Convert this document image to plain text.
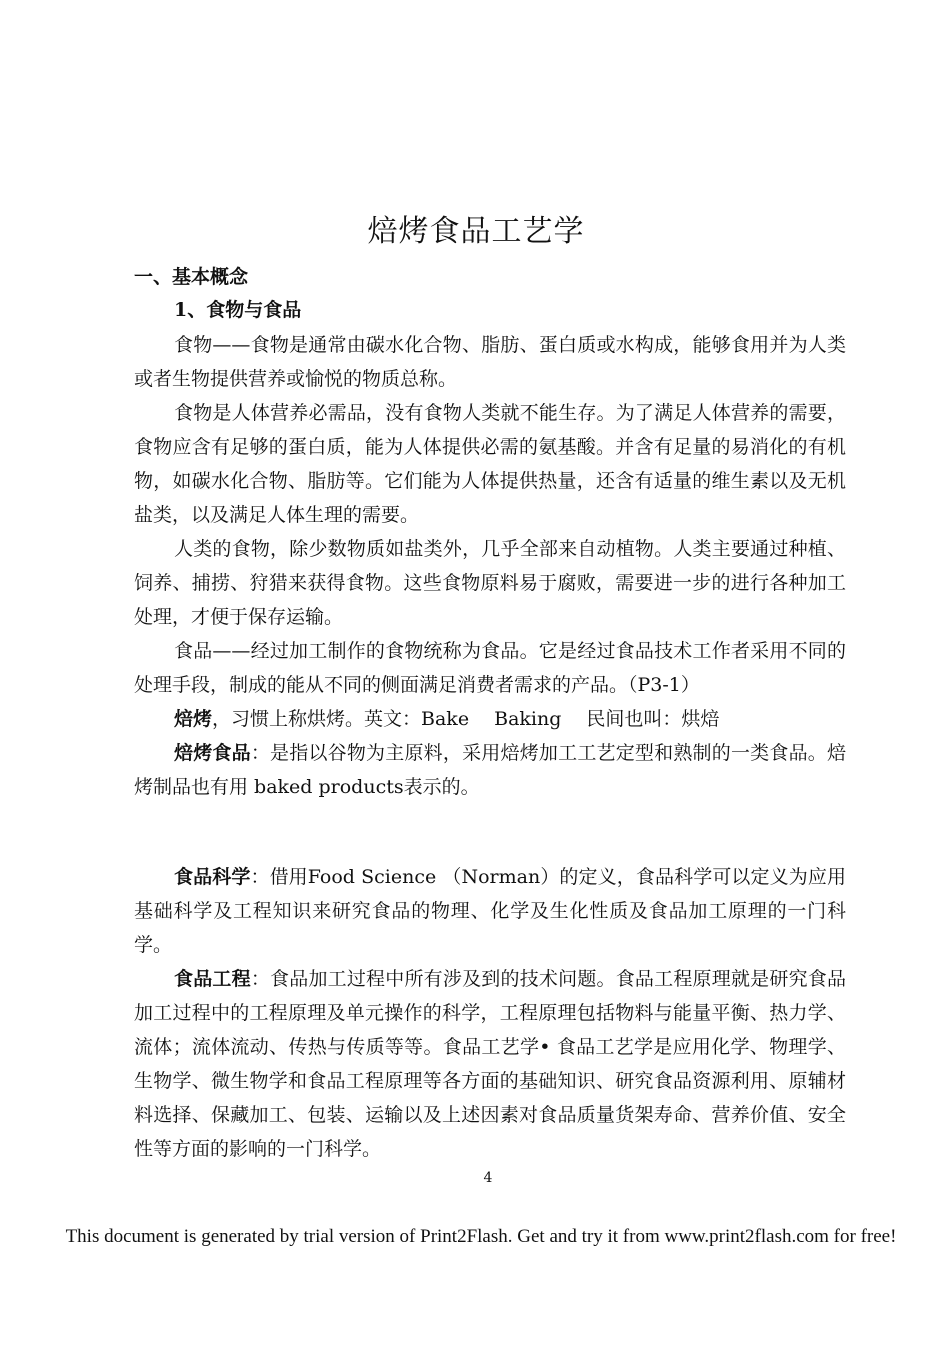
焙烤食品工艺学
一、基本概念
1、食物与食品

食物——食物是通常由碳水化合物、脂肪、蛋白质或水构成，能够食用并为人类或者生物提供营养或愉悦的物质总称。

食物是人体营养必需品，没有食物人类就不能生存。为了满足人体营养的需要，食物应含有足够的蛋白质，能为人体提供必需的氨基酸。并含有足量的易消化的有机物，如碳水化合物、脂肪等。它们能为人体提供热量，还含有适量的维生素以及无机盐类，以及满足人体生理的需要。

人类的食物，除少数物质如盐类外，几乎全部来自动植物。人类主要通过种植、饲养、捕捞、狩猎来获得食物。这些食物原料易于腐败，需要进一步的进行各种加工处理，才便于保存运输。

食品——经过加工制作的食物统称为食品。它是经过食品技术工作者采用不同的处理手段，制成的能从不同的侧面满足消费者需求的产品。（P3-1）

焙烤，习惯上称烘烤。英文：Bake　 Baking　 民间也叫：烘焙

焙烤食品：是指以谷物为主原料，采用焙烤加工工艺定型和熟制的一类食品。焙烤制品也有用 baked products表示的。

食品科学：借用Food Science （Norman）的定义，食品科学可以定义为应用基础科学及工程知识来研究食品的物理、化学及生化性质及食品加工原理的一门科学。

食品工程：食品加工过程中所有涉及到的技术问题。食品工程原理就是研究食品加工过程中的工程原理及单元操作的科学，工程原理包括物料与能量平衡、热力学、流体；流体流动、传热与传质等等。食品工艺学• 食品工艺学是应用化学、物理学、生物学、微生物学和食品工程原理等各方面的基础知识、研究食品资源利用、原辅材料选择、保藏加工、包装、运输以及上述因素对食品质量货架寿命、营养价值、安全性等方面的影响的一门科学。

4
This document is generated by trial version of Print2Flash. Get and try it from www.print2flash.com for free!
